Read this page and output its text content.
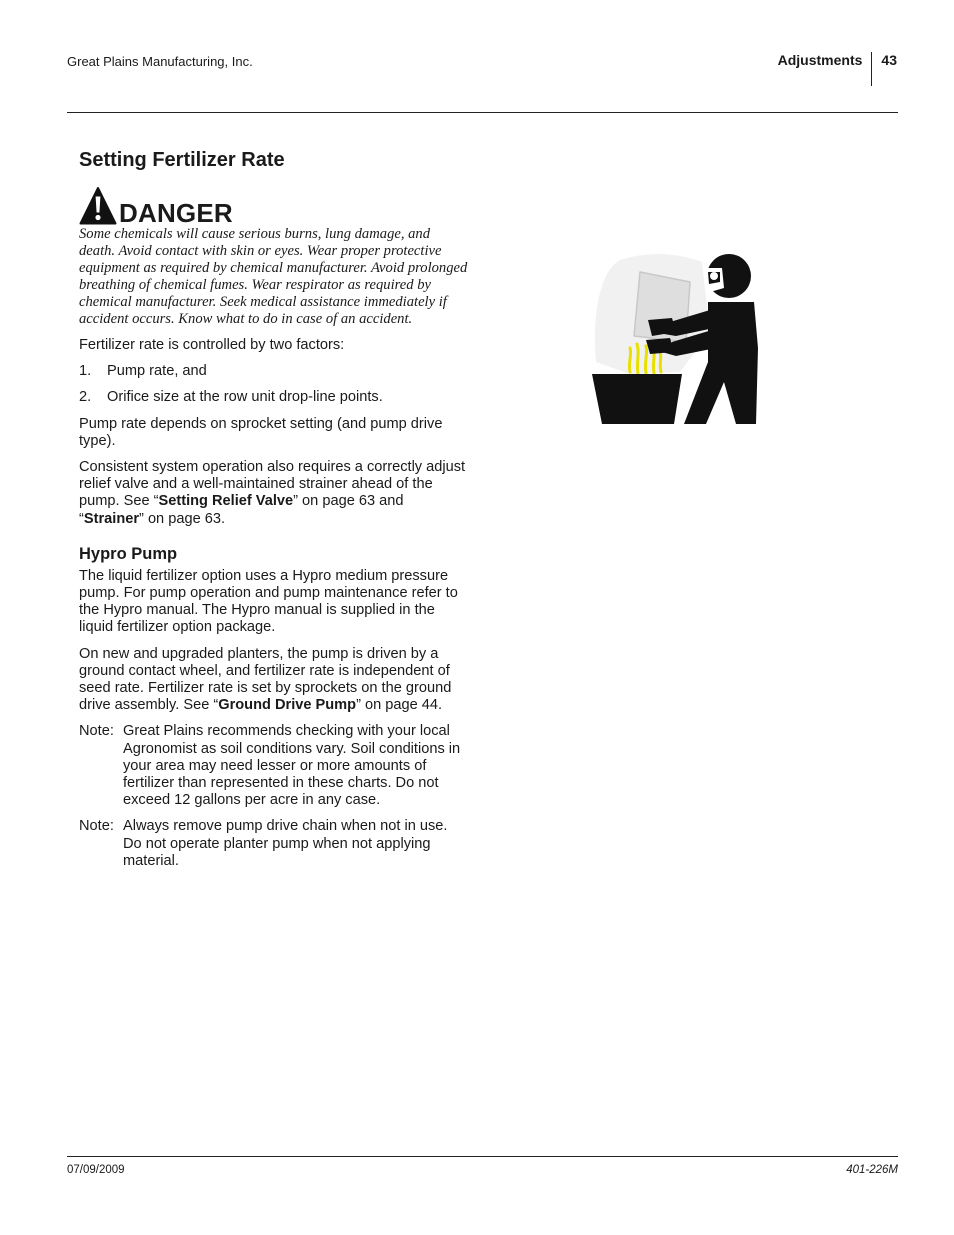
Great Plains Manufacturing, Inc.	Adjustments	43
Setting Fertilizer Rate
DANGER

Some chemicals will cause serious burns, lung damage, and death. Avoid contact with skin or eyes. Wear proper protective equipment as required by chemical manufacturer. Avoid prolonged breathing of chemical fumes. Wear respirator as required by chemical manufacturer. Seek medical assistance immediately if accident occurs. Know what to do in case of an accident.

Fertilizer rate is controlled by two factors:

1.	Pump rate, and
2.	Orifice size at the row unit drop-line points.

Pump rate depends on sprocket setting (and pump drive type).

Consistent system operation also requires a correctly adjust relief valve and a well-maintained strainer ahead of the pump. See “Setting Relief Valve” on page 63 and “Strainer” on page 63.

Hypro Pump

The liquid fertilizer option uses a Hypro medium pressure pump. For pump operation and pump maintenance refer to the Hypro manual. The Hypro manual is supplied in the liquid fertilizer option package.

On new and upgraded planters, the pump is driven by a ground contact wheel, and fertilizer rate is independent of seed rate. Fertilizer rate is set by sprockets on the ground drive assembly. See “Ground Drive Pump” on page 44.

Note: Great Plains recommends checking with your local Agronomist as soil conditions vary. Soil conditions in your area may need lesser or more amounts of fertilizer than represented in these charts. Do not exceed 12 gallons per acre in any case.
Note: Always remove pump drive chain when not in use. Do not operate planter pump when not applying material.
07/09/2009	401-226M
